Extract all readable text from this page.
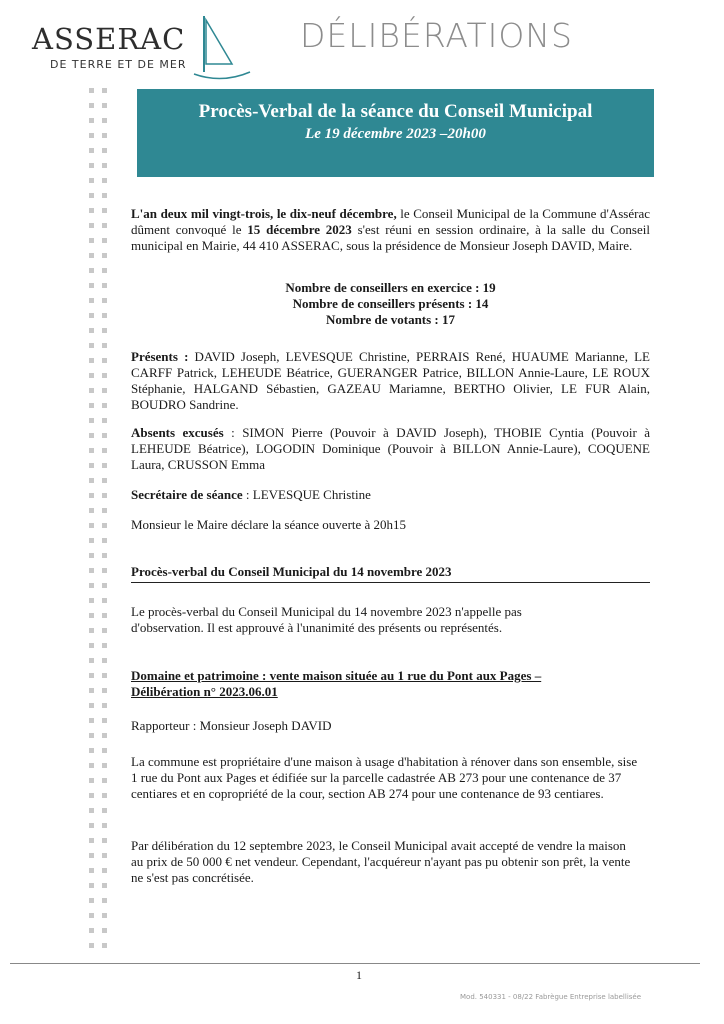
ASSERAC
DE TERRE ET DE MER
DÉLIBÉRATIONS
Procès-Verbal de la séance du Conseil Municipal
Le 19 décembre 2023 –20h00
L'an deux mil vingt-trois, le dix-neuf décembre, le Conseil Municipal de la Commune d'Assérac dûment convoqué le 15 décembre 2023 s'est réuni en session ordinaire, à la salle du Conseil municipal en Mairie, 44 410 ASSERAC, sous la présidence de Monsieur Joseph DAVID, Maire.
Nombre de conseillers en exercice : 19
Nombre de conseillers présents : 14
Nombre de votants : 17
Présents : DAVID Joseph, LEVESQUE Christine, PERRAIS René, HUAUME Marianne, LE CARFF Patrick, LEHEUDE Béatrice, GUERANGER Patrice, BILLON Annie-Laure, LE ROUX Stéphanie, HALGAND Sébastien, GAZEAU Mariamne, BERTHO Olivier, LE FUR Alain, BOUDRO Sandrine.
Absents excusés : SIMON Pierre (Pouvoir à DAVID Joseph), THOBIE Cyntia (Pouvoir à LEHEUDE Béatrice), LOGODIN Dominique (Pouvoir à BILLON Annie-Laure), COQUENE Laura, CRUSSON Emma
Secrétaire de séance : LEVESQUE Christine
Monsieur le Maire déclare la séance ouverte à 20h15
Procès-verbal du Conseil Municipal du 14 novembre 2023
Le procès-verbal du Conseil Municipal du 14 novembre 2023 n'appelle pas d'observation. Il est approuvé à l'unanimité des présents ou représentés.
Domaine et patrimoine : vente maison située au 1 rue du Pont aux Pages –
Délibération n° 2023.06.01
Rapporteur : Monsieur Joseph DAVID
La commune est propriétaire d'une maison à usage d'habitation à rénover dans son ensemble, sise 1 rue du Pont aux Pages et édifiée sur la parcelle cadastrée AB 273 pour une contenance de 37 centiares et en copropriété de la cour, section AB 274 pour une contenance de 93 centiares.
Par délibération du 12 septembre 2023, le Conseil Municipal avait accepté de vendre la maison au prix de 50 000 € net vendeur. Cependant, l'acquéreur n'ayant pas pu obtenir son prêt, la vente ne s'est pas concrétisée.
1
Mod. 540331 - 08/22 Fabrègue Entreprise labellisée
